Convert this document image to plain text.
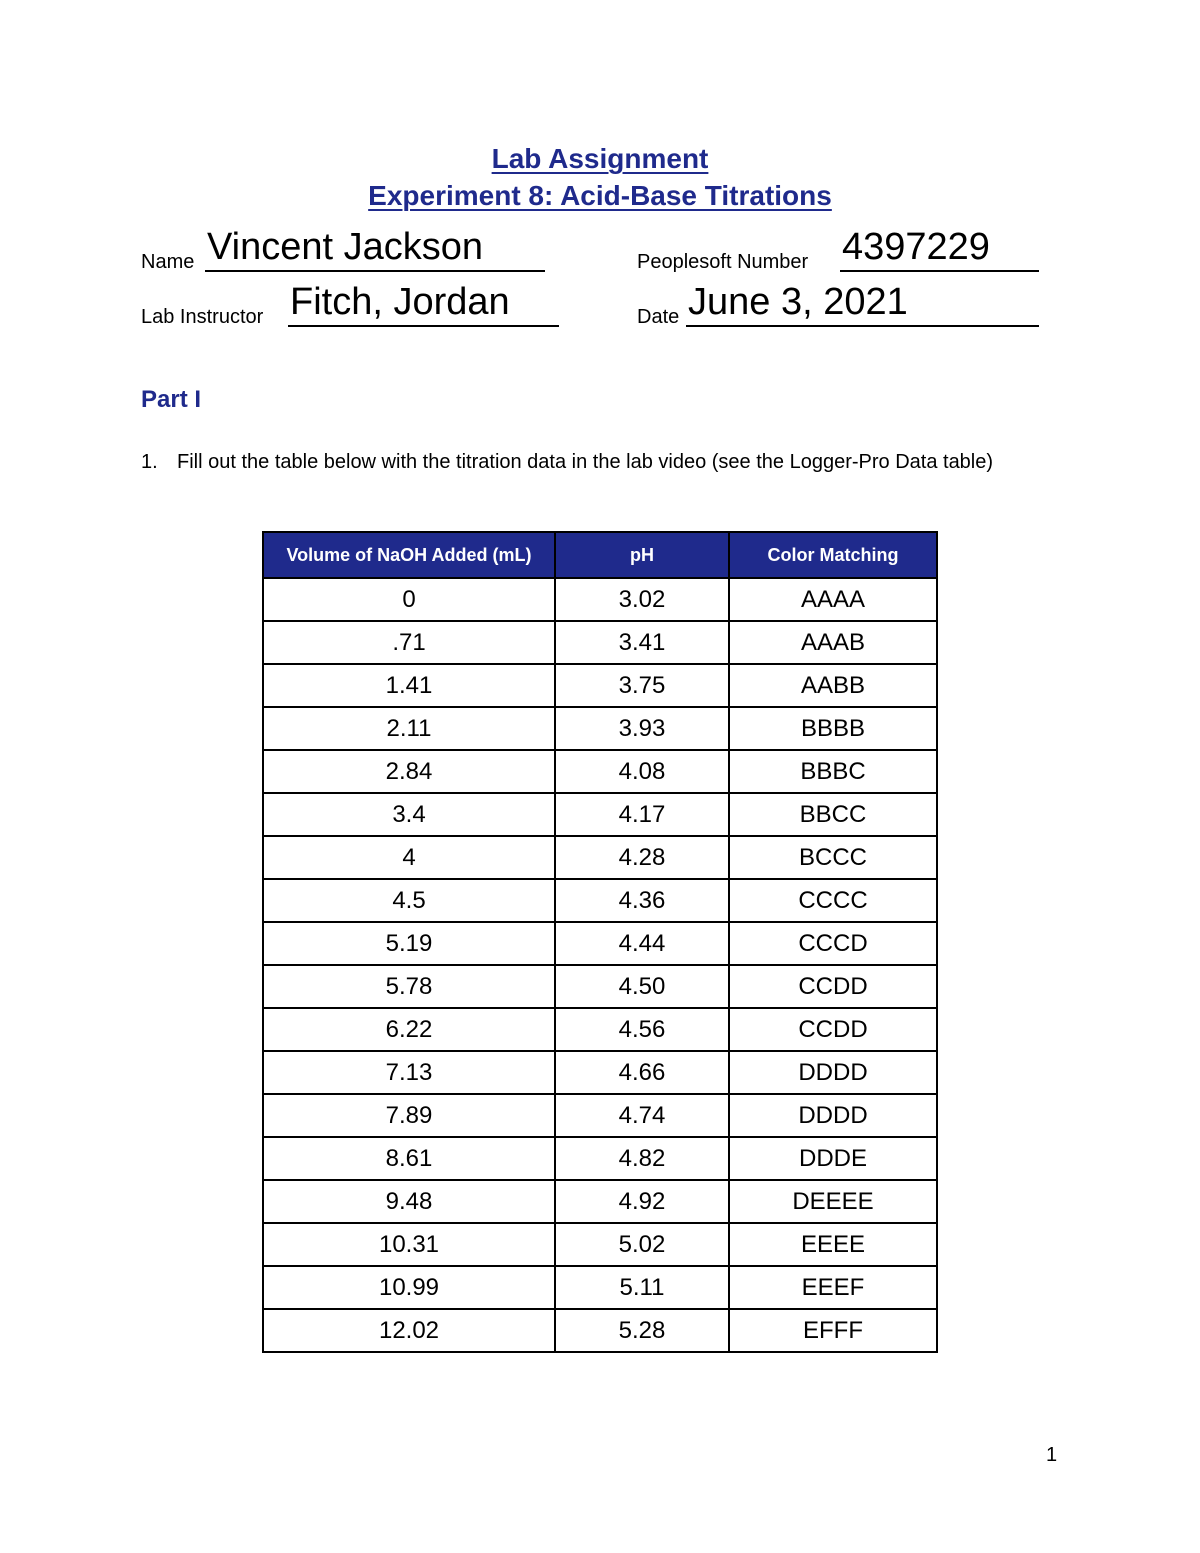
Lab Assignment
Experiment 8: Acid-Base Titrations
Name Vincent Jackson	Peoplesoft Number 4397229
Lab Instructor Fitch, Jordan	Date June 3, 2021
Part I
1. Fill out the table below with the titration data in the lab video (see the Logger-Pro Data table)
Volume of NaOH Added (mL)	pH	Color Matching
0	3.02	AAAA
.71	3.41	AAAB
1.41	3.75	AABB
2.11	3.93	BBBB
2.84	4.08	BBBC
3.4	4.17	BBCC
4	4.28	BCCC
4.5	4.36	CCCC
5.19	4.44	CCCD
5.78	4.50	CCDD
6.22	4.56	CCDD
7.13	4.66	DDDD
7.89	4.74	DDDD
8.61	4.82	DDDE
9.48	4.92	DEEEE
10.31	5.02	EEEE
10.99	5.11	EEEF
12.02	5.28	EFFF
1
